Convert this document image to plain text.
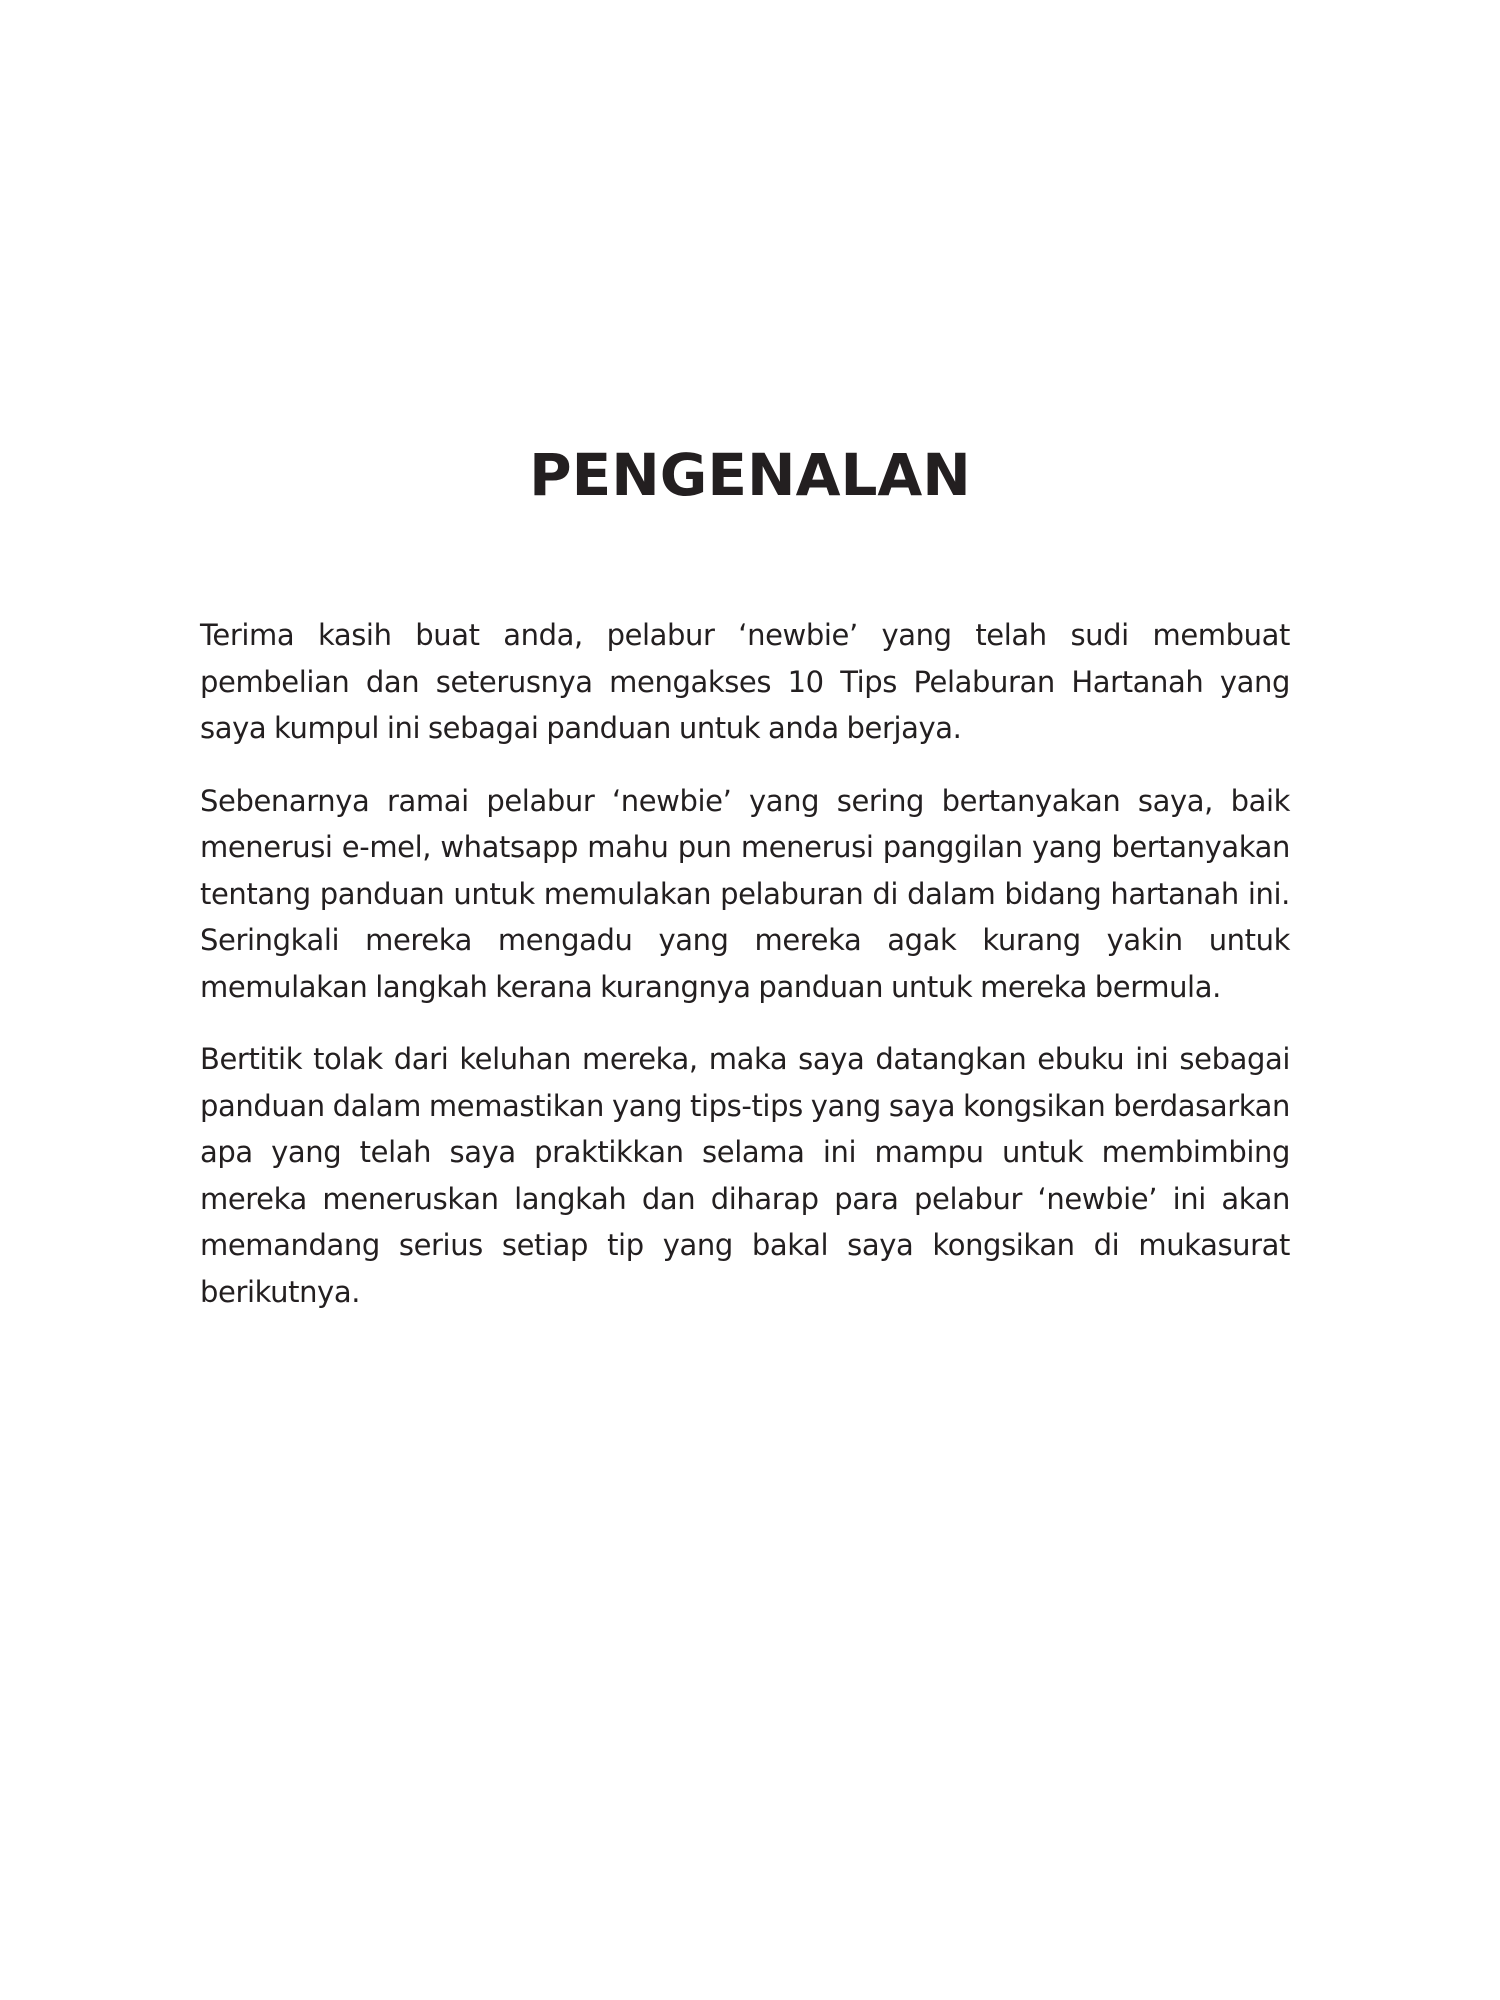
PENGENALAN

Terima kasih buat anda, pelabur ‘newbie’ yang telah sudi membuat pembelian dan seterusnya mengakses 10 Tips Pelaburan Hartanah yang saya kumpul ini sebagai panduan untuk anda berjaya.

Sebenarnya ramai pelabur ‘newbie’ yang sering bertanyakan saya, baik menerusi e-mel, whatsapp mahu pun menerusi panggilan yang bertanyakan tentang panduan untuk memulakan pelaburan di dalam bidang hartanah ini. Seringkali mereka mengadu yang mereka agak kurang yakin untuk memulakan langkah kerana kurangnya panduan untuk mereka bermula.

Bertitik tolak dari keluhan mereka, maka saya datangkan ebuku ini sebagai panduan dalam memastikan yang tips-tips yang saya kongsikan berdasarkan apa yang telah saya praktikkan selama ini mampu untuk membimbing mereka meneruskan langkah dan diharap para pelabur ‘newbie’ ini akan memandang serius setiap tip yang bakal saya kongsikan di mukasurat berikutnya.
